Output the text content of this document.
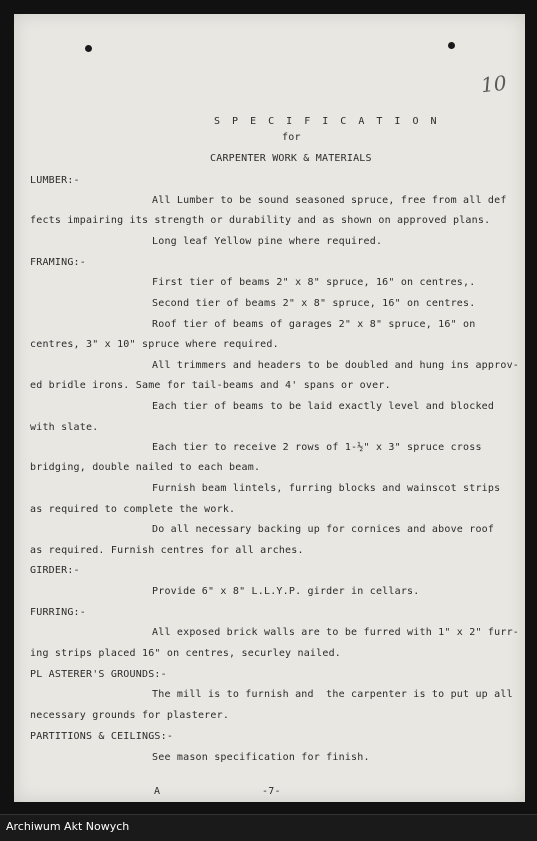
10
S P E C I F I C A T I O N
for
CARPENTER WORK & MATERIALS
LUMBER:-
All Lumber to be sound seasoned spruce, free from all def
fects impairing its strength or durability and as shown on approved plans.
Long leaf Yellow pine where required.
FRAMING:-
First tier of beams 2" x 8" spruce, 16" on centres,.
Second tier of beams 2" x 8" spruce, 16" on centres.
Roof tier of beams of garages 2" x 8" spruce, 16" on
centres, 3" x 10" spruce where required.
All trimmers and headers to be doubled and hung ins approv-
ed bridle irons. Same for tail-beams and 4' spans or over.
Each tier of beams to be laid exactly level and blocked
with slate.
Each tier to receive 2 rows of 1-½" x 3" spruce cross
bridging, double nailed to each beam.
Furnish beam lintels, furring blocks and wainscot strips
as required to complete the work.
Do all necessary backing up for cornices and above roof
as required. Furnish centres for all arches.
GIRDER:-
Provide 6" x 8" L.L.Y.P. girder in cellars.
FURRING:-
All exposed brick walls are to be furred with 1" x 2" furr-
ing strips placed 16" on centres, securley nailed.
PL ASTERER'S GROUNDS:-
The mill is to furnish and  the carpenter is to put up all
necessary grounds for plasterer.
PARTITIONS & CEILINGS:-
See mason specification for finish.
A	-7-
Archiwum Akt Nowych
